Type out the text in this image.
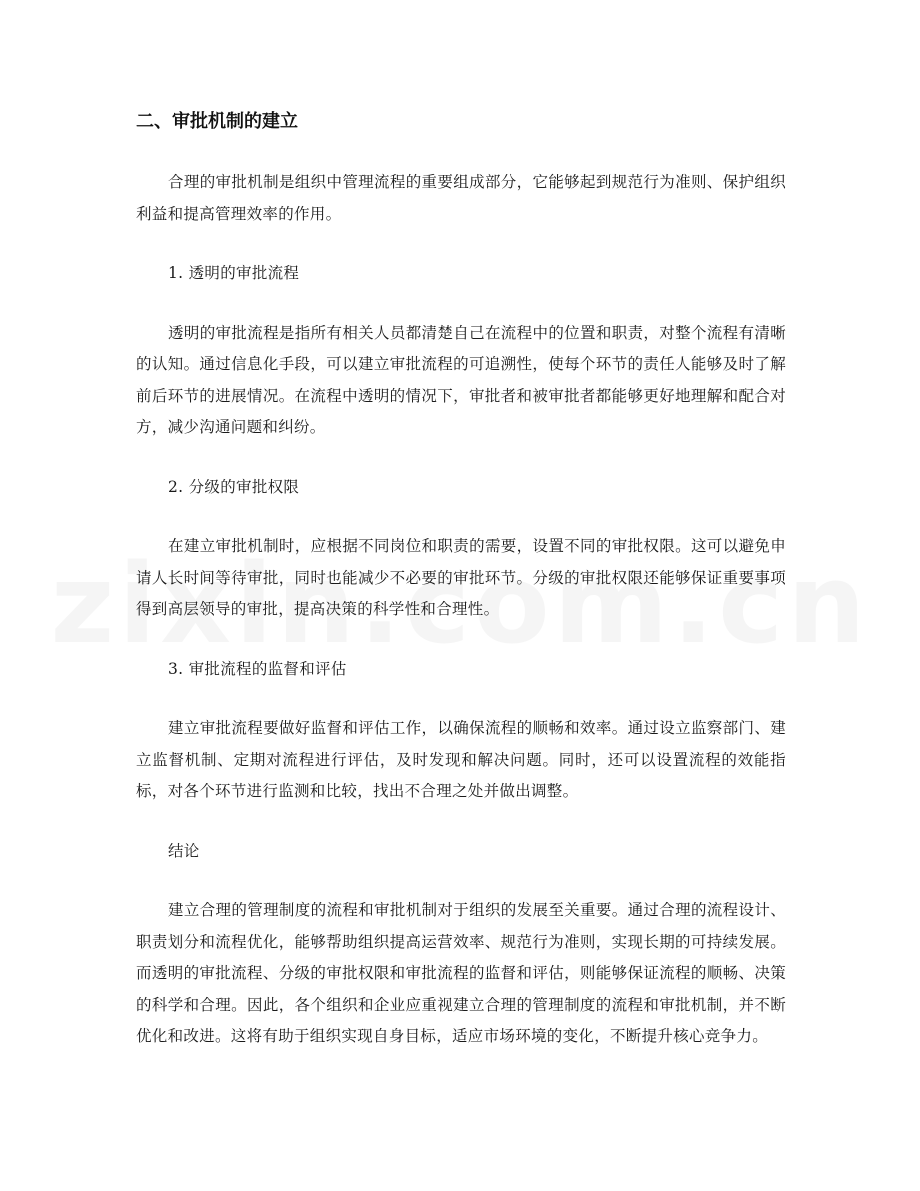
二、审批机制的建立

合理的审批机制是组织中管理流程的重要组成部分，它能够起到规范行为准则、保护组织利益和提高管理效率的作用。

1. 透明的审批流程

透明的审批流程是指所有相关人员都清楚自己在流程中的位置和职责，对整个流程有清晰的认知。通过信息化手段，可以建立审批流程的可追溯性，使每个环节的责任人能够及时了解前后环节的进展情况。在流程中透明的情况下，审批者和被审批者都能够更好地理解和配合对方，减少沟通问题和纠纷。

2. 分级的审批权限

在建立审批机制时，应根据不同岗位和职责的需要，设置不同的审批权限。这可以避免申请人长时间等待审批，同时也能减少不必要的审批环节。分级的审批权限还能够保证重要事项得到高层领导的审批，提高决策的科学性和合理性。

3. 审批流程的监督和评估

建立审批流程要做好监督和评估工作，以确保流程的顺畅和效率。通过设立监察部门、建立监督机制、定期对流程进行评估，及时发现和解决问题。同时，还可以设置流程的效能指标，对各个环节进行监测和比较，找出不合理之处并做出调整。

结论

建立合理的管理制度的流程和审批机制对于组织的发展至关重要。通过合理的流程设计、职责划分和流程优化，能够帮助组织提高运营效率、规范行为准则，实现长期的可持续发展。而透明的审批流程、分级的审批权限和审批流程的监督和评估，则能够保证流程的顺畅、决策的科学和合理。因此，各个组织和企业应重视建立合理的管理制度的流程和审批机制，并不断优化和改进。这将有助于组织实现自身目标，适应市场环境的变化，不断提升核心竞争力。
